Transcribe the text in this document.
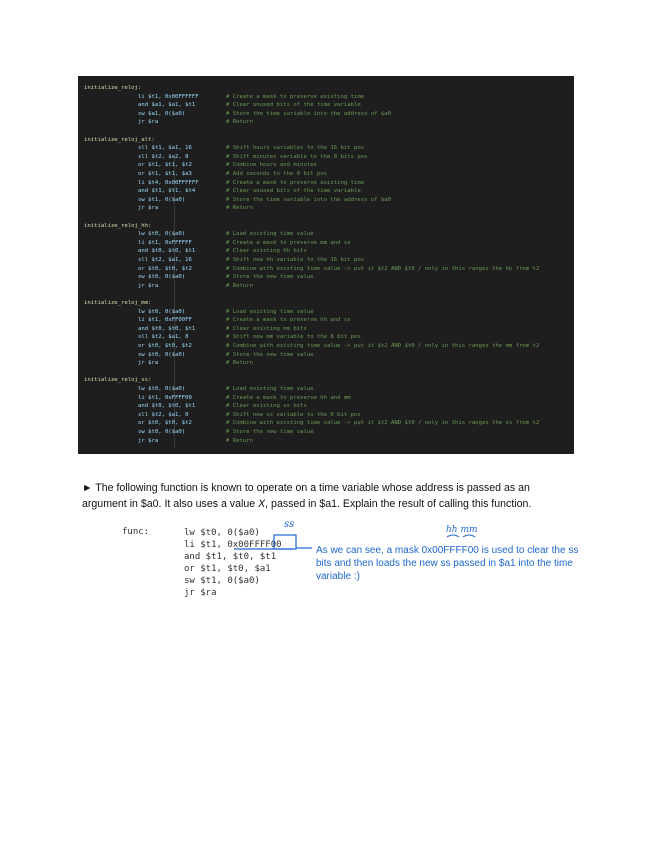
initialize_reloj:
li $t1, 0x00FFFFFF	# Create a mask to preserve existing time
and $a1, $a1, $t1	# Clear unused bits of the time variable
sw $a1, 0($a0)	# Store the time variable into the address of $a0
jr $ra	# Return
initialize_reloj_alt:
sll $t1, $a1, 16	# Shift hours variables to the 16 bit pos
sll $t2, $a2, 8	# Shift minutes variable to the 8 bits pos
or $t1, $t1, $t2	# Combine hours and minutes
or $t1, $t1, $a3	# Add seconds to the 0 bit pos
li $t4, 0x00FFFFFF	# Create a mask to preserve existing time
and $t1, $t1, $t4	# Clear unused bits of the time variable
sw $t1, 0($a0)	# Store the time variable into the address of $a0
jr $ra	# Return
initialize_reloj_hh:
lw $t0, 0($a0)	# Load existing time value
li $t1, 0xFFFFFF	# Create a mask to preserve mm and ss
and $t0, $t0, $t1	# Clear existing hh bits
sll $t2, $a1, 16	# Shift new hh variable to the 16 bit pos
or $t0, $t0, $t2	# Combine with existing time value -> put it $t2 AND $t0 / only in this ranges the hh from t2
sw $t0, 0($a0)	# Store the new time value
jr $ra	# Return
initialize_reloj_mm:
lw $t0, 0($a0)	# Load existing time value
li $t1, 0xFF00FF	# Create a mask to preserve hh and ss
and $t0, $t0, $t1	# Clear existing mm bits
sll $t2, $a1, 8	# Shift new mm variable to the 8 bit pos
or $t0, $t0, $t2	# Combine with existing time value -> put it $t2 AND $t0 / only in this ranges the mm from t2
sw $t0, 0($a0)	# Store the new time value
jr $ra	# Return
initialize_reloj_ss:
lw $t0, 0($a0)	# Load existing time value
li $t1, 0xFFFF00	# Create a mask to preserve hh and mm
and $t0, $t0, $t1	# Clear existing ss bits
sll $t2, $a1, 0	# Shift new ss variable to the 0 bit pos
or $t0, $t0, $t2	# Combine with existing time value -> put it $t2 AND $t0 / only in this ranges the ss from t2
sw $t0, 0($a0)	# Store the new time value
jr $ra	# Return
► The following function is known to operate on a time variable whose address is passed as an argument in $a0. It also uses a value X, passed in $a1. Explain the result of calling this function.
func:	lw $t0, 0($a0)
li $t1, 0x00FFFF00
and $t1, $t0, $t1
or $t1, $t0, $a1
sw $t1, 0($a0)
jr $ra
ss	hh mm
As we can see, a mask 0x00FFFF00 is used to clear the ss bits and then loads the new ss passed in $a1 into the time variable :)
